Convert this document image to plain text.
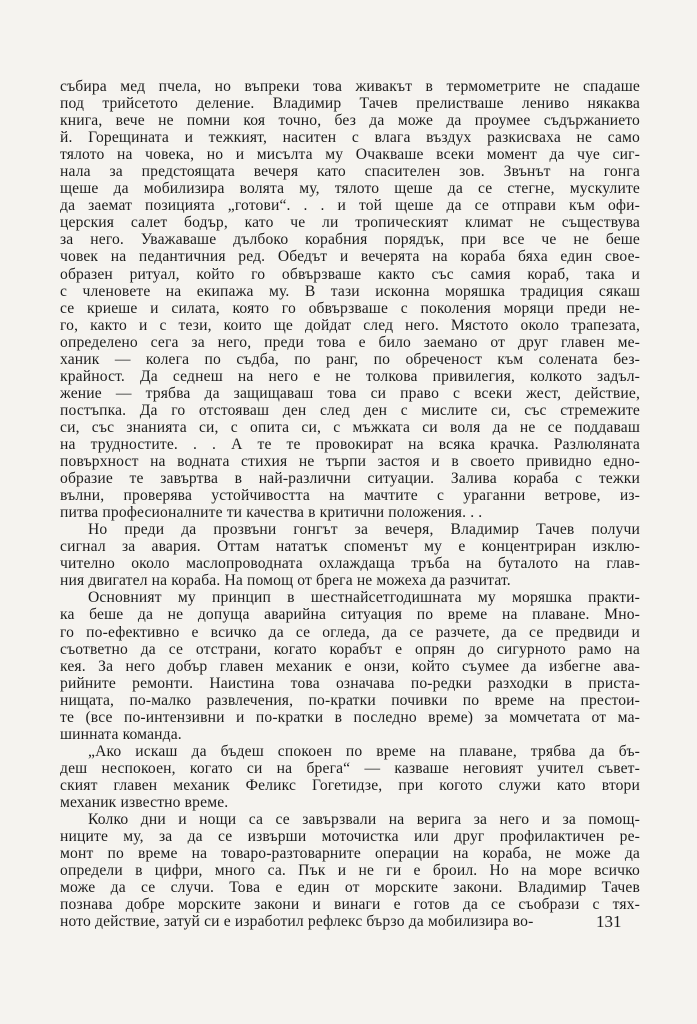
събира мед пчела, но въпреки това живакът в термометрите не спадаше
под трийсетото деление. Владимир Тачев прелистваше лениво някаква
книга, вече не помни коя точно, без да може да проумее съдържанието
й. Горещината и тежкият, наситен с влага въздух разкисваха не само
тялото на човека, но и мисълта му Очакваше всеки момент да чуе сиг-
нала за предстоящата вечеря като спасителен зов. Звънът на гонга
щеше да мобилизира волята му, тялото щеше да се стегне, мускулите
да заемат позицията „готови“. . . и той щеше да се отправи към офи-
церския салет бодър, като че ли тропическият климат не съществува
за него. Уважаваше дълбоко корабния порядък, при все че не беше
човек на педантичния ред. Обедът и вечерята на кораба бяха един свое-
образен ритуал, който го обвързваше както със самия кораб, така и
с членовете на екипажа му. В тази исконна моряшка традиция сякаш
се криеше и силата, която го обвързваше с поколения моряци преди не-
го, както и с тези, които ще дойдат след него. Мястото около трапезата,
определено сега за него, преди това е било заемано от друг главен ме-
ханик — колега по съдба, по ранг, по обреченост към солената без-
крайност. Да седнеш на него е не толкова привилегия, колкото задъл-
жение — трябва да защищаваш това си право с всеки жест, действие,
постъпка. Да го отстояваш ден след ден с мислите си, със стремежите
си, със знанията си, с опита си, с мъжката си воля да не се поддаваш
на трудностите. . . А те те провокират на всяка крачка. Разлюляната
повърхност на водната стихия не търпи застоя и в своето привидно едно-
образие те завъртва в най-различни ситуации. Залива кораба с тежки
вълни, проверява устойчивостта на мачтите с ураганни ветрове, из-
питва професионалните ти качества в критични положения. . .
Но преди да прозвъни гонгът за вечеря, Владимир Тачев получи
сигнал за авария. Оттам нататък споменът му е концентриран изклю-
чително около маслопроводната охлаждаща тръба на буталото на глав-
ния двигател на кораба. На помощ от брега не можеха да разчитат.
Основният му принцип в шестнайсетгодишната му моряшка практи-
ка беше да не допуща аварийна ситуация по време на плаване. Мно-
го по-ефективно е всичко да се огледа, да се разчете, да се предвиди и
съответно да се отстрани, когато корабът е опрян до сигурното рамо на
кея. За него добър главен механик е онзи, който съумее да избегне ава-
рийните ремонти. Наистина това означава по-редки разходки в приста-
нищата, по-малко развлечения, по-кратки почивки по време на престои-
те (все по-интензивни и по-кратки в последно време) за момчетата от ма-
шинната команда.
„Ако искаш да бъдеш спокоен по време на плаване, трябва да бъ-
деш неспокоен, когато си на брега“ — казваше неговият учител съвет-
ският главен механик Феликс Гогетидзе, при когото служи като втори
механик известно време.
Колко дни и нощи са се завързвали на верига за него и за помощ-
ниците му, за да се извърши моточистка или друг профилактичен ре-
монт по време на товаро-разтоварните операции на кораба, не може да
определи в цифри, много са. Пък и не ги е броил. Но на море всичко
може да се случи. Това е един от морските закони. Владимир Тачев
познава добре морските закони и винаги е готов да се съобрази с тях-
ното действие, затуй си е изработил рефлекс бързо да мобилизира во-	131
